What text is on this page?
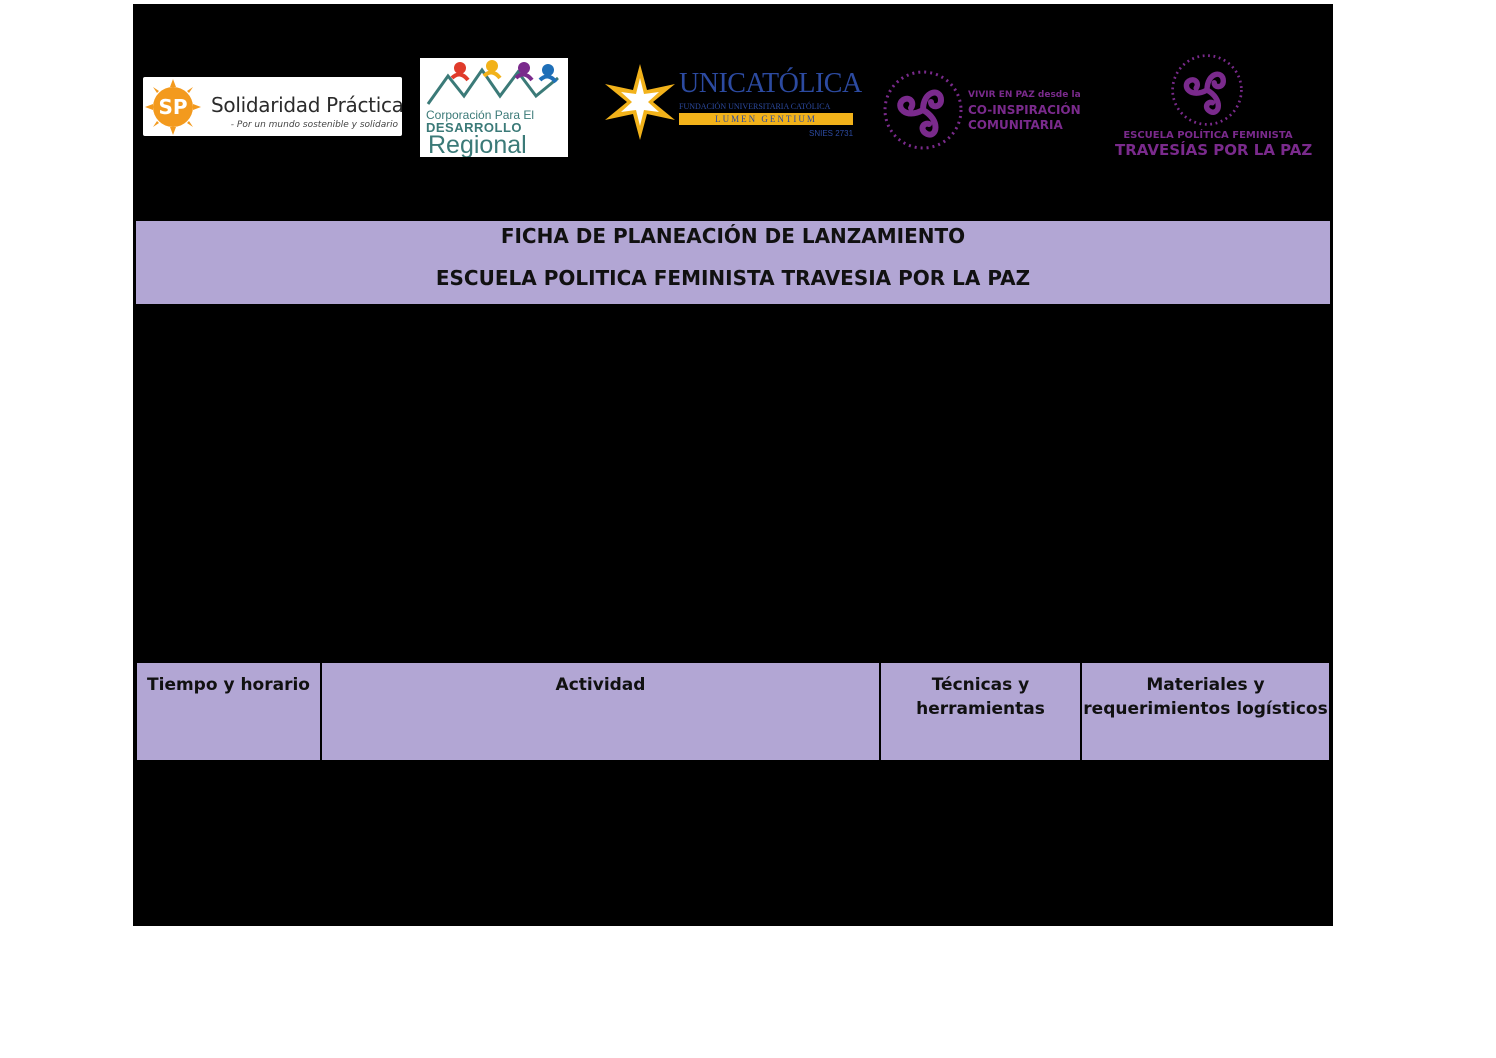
SP Solidaridad Práctica
- Por un mundo sostenible y solidario
Corporación Para El
DESARROLLO
Regional
UNICATÓLICA
FUNDACIÓN UNIVERSITARIA CATÓLICA
LUMEN GENTIUM
SNIES 2731
VIVIR EN PAZ desde la
CO-INSPIRACIÓN
COMUNITARIA
ESCUELA POLÍTICA FEMINISTA
TRAVESÍAS POR LA PAZ
FICHA DE PLANEACIÓN DE LANZAMIENTO
ESCUELA POLITICA FEMINISTA TRAVESIA POR LA PAZ
Tiempo y horario	Actividad	Técnicas y herramientas
Materiales y requerimientos logísticos
